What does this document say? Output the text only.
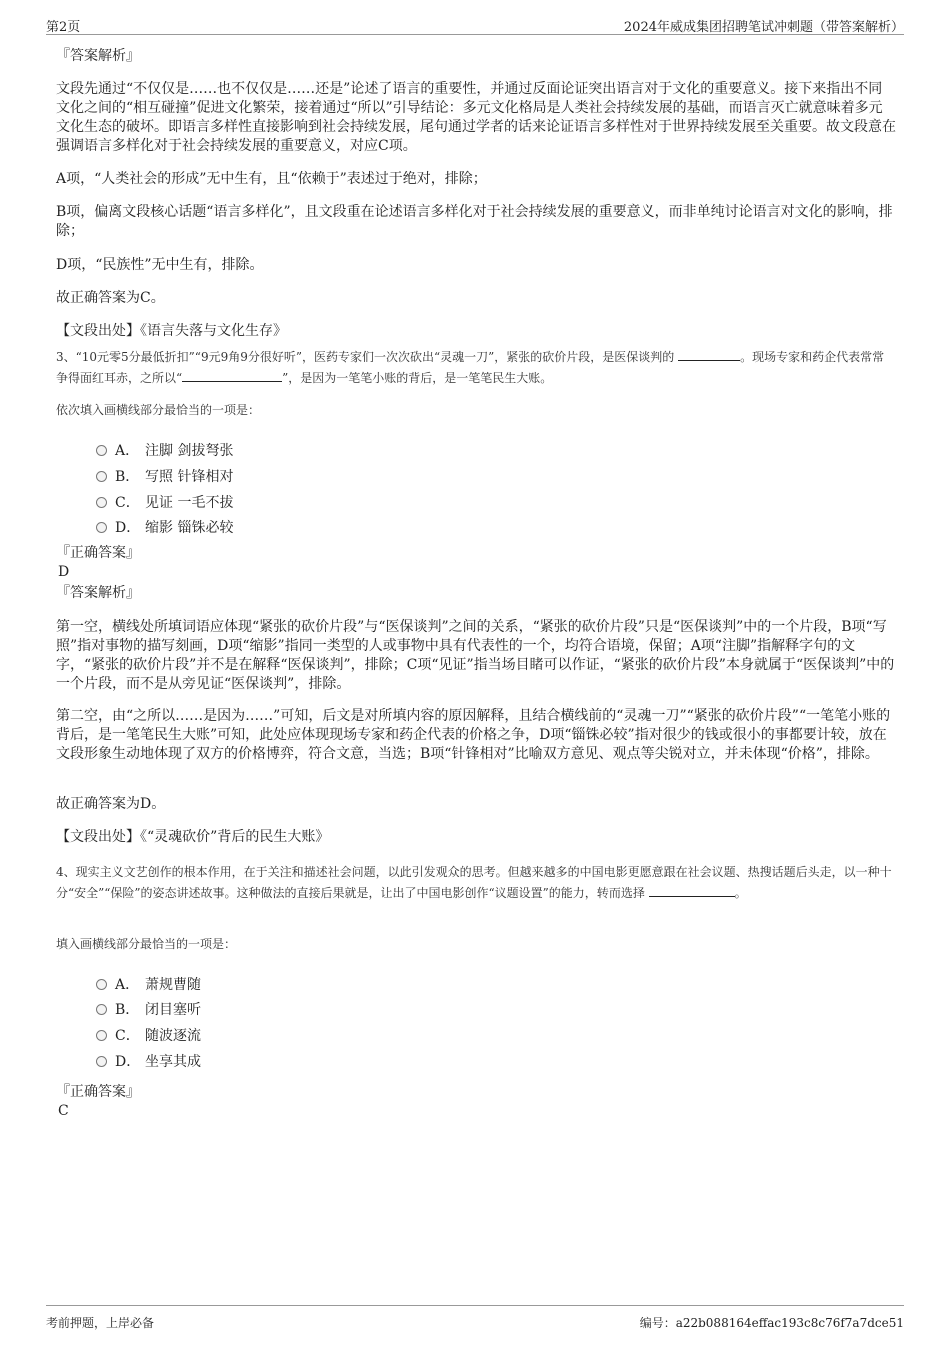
第2页	2024年威成集团招聘笔试冲刺题（带答案解析）
『答案解析』
文段先通过“不仅仅是……也不仅仅是……还是”论述了语言的重要性，并通过反面论证突出语言对于文化的重要意义。接下来指出不同文化之间的“相互碰撞”促进文化繁荣，接着通过“所以”引导结论：多元文化格局是人类社会持续发展的基础，而语言灭亡就意味着多元文化生态的破坏。即语言多样性直接影响到社会持续发展，尾句通过学者的话来论证语言多样性对于世界持续发展至关重要。故文段意在强调语言多样化对于社会持续发展的重要意义，对应C项。
A项，“人类社会的形成”无中生有，且“依赖于”表述过于绝对，排除；
B项，偏离文段核心话题“语言多样化”，且文段重在论述语言多样化对于社会持续发展的重要意义，而非单纯讨论语言对文化的影响，排除；
D项，“民族性”无中生有，排除。
故正确答案为C。
【文段出处】《语言失落与文化生存》
3、“10元零5分最低折扣”“9元9角9分很好听”，医药专家们一次次砍出“灵魂一刀”，紧张的砍价片段，是医保谈判的	。现场专家和药企代表常常争得面红耳赤，之所以“	”，是因为一笔笔小账的背后，是一笔笔民生大账。
依次填入画横线部分最恰当的一项是：
A． 注脚 剑拔弩张
B． 写照 针锋相对
C． 见证 一毛不拔
D． 缩影 锱铢必较
『正确答案』
D
『答案解析』
第一空，横线处所填词语应体现“紧张的砍价片段”与“医保谈判”之间的关系，“紧张的砍价片段”只是“医保谈判”中的一个片段，B项“写照”指对事物的描写刻画，D项“缩影”指同一类型的人或事物中具有代表性的一个，均符合语境，保留；A项“注脚”指解释字句的文字，“紧张的砍价片段”并不是在解释“医保谈判”，排除；C项“见证”指当场目睹可以作证，“紧张的砍价片段”本身就属于“医保谈判”中的一个片段，而不是从旁见证“医保谈判”，排除。
第二空，由“之所以……是因为……”可知，后文是对所填内容的原因解释，且结合横线前的“灵魂一刀”“紧张的砍价片段”“一笔笔小账的背后，是一笔笔民生大账”可知，此处应体现现场专家和药企代表的价格之争，D项“锱铢必较”指对很少的钱或很小的事都要计较，放在文段形象生动地体现了双方的价格博弈，符合文意，当选；B项“针锋相对”比喻双方意见、观点等尖锐对立，并未体现“价格”，排除。
故正确答案为D。
【文段出处】《“灵魂砍价”背后的民生大账》
4、现实主义文艺创作的根本作用，在于关注和描述社会问题，以此引发观众的思考。但越来越多的中国电影更愿意跟在社会议题、热搜话题后头走，以一种十分“安全”“保险”的姿态讲述故事。这种做法的直接后果就是，让出了中国电影创作“议题设置”的能力，转而选择	。
填入画横线部分最恰当的一项是：
A． 萧规曹随
B． 闭目塞听
C． 随波逐流
D． 坐享其成
『正确答案』
C
考前押题，上岸必备	编号：a22b088164effac193c8c76f7a7dce51
